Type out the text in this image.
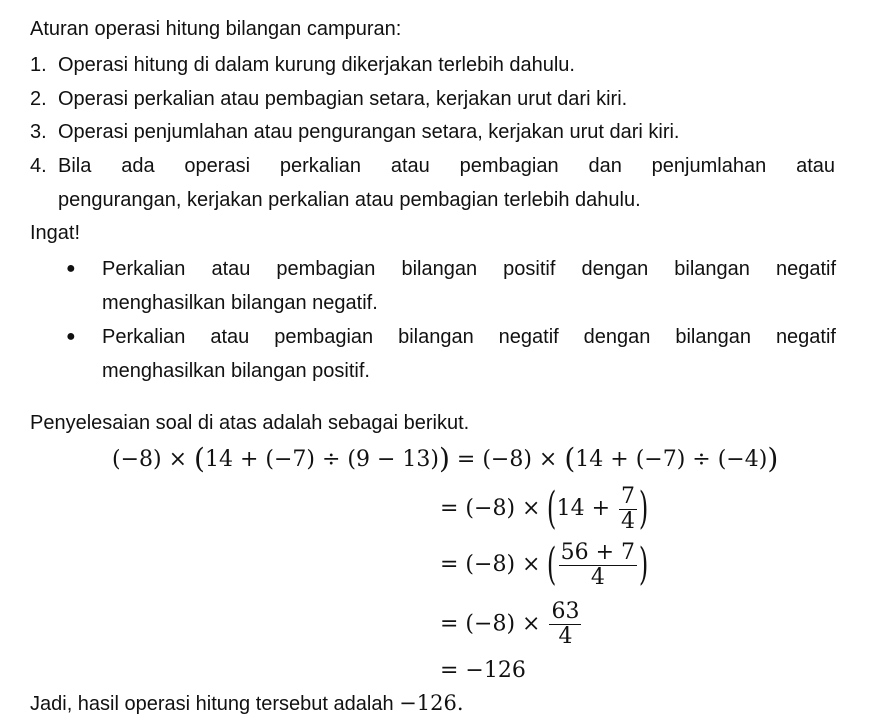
Aturan operasi hitung bilangan campuran:
1. Operasi hitung di dalam kurung dikerjakan terlebih dahulu.
2. Operasi perkalian atau pembagian setara, kerjakan urut dari kiri.
3. Operasi penjumlahan atau pengurangan setara, kerjakan urut dari kiri.
4. Bila ada operasi perkalian atau pembagian dan penjumlahan atau
pengurangan, kerjakan perkalian atau pembagian terlebih dahulu.
Ingat!
● Perkalian atau pembagian bilangan positif dengan bilangan negatif
menghasilkan bilangan negatif.
● Perkalian atau pembagian bilangan negatif dengan bilangan negatif
menghasilkan bilangan positif.
Penyelesaian soal di atas adalah sebagai berikut.
(−8) × (14 + (−7) ÷ (9 − 13)) = (−8) × (14 + (−7) ÷ (−4))
= $(-8) \times (14 + \frac{7}{4}$ )
= (−8) × ( $\frac{56 + 7}{4}$ )
= $(-8) \times \frac{63}{4}$
= −126
Jadi, hasil operasi hitung tersebut adalah −126.
